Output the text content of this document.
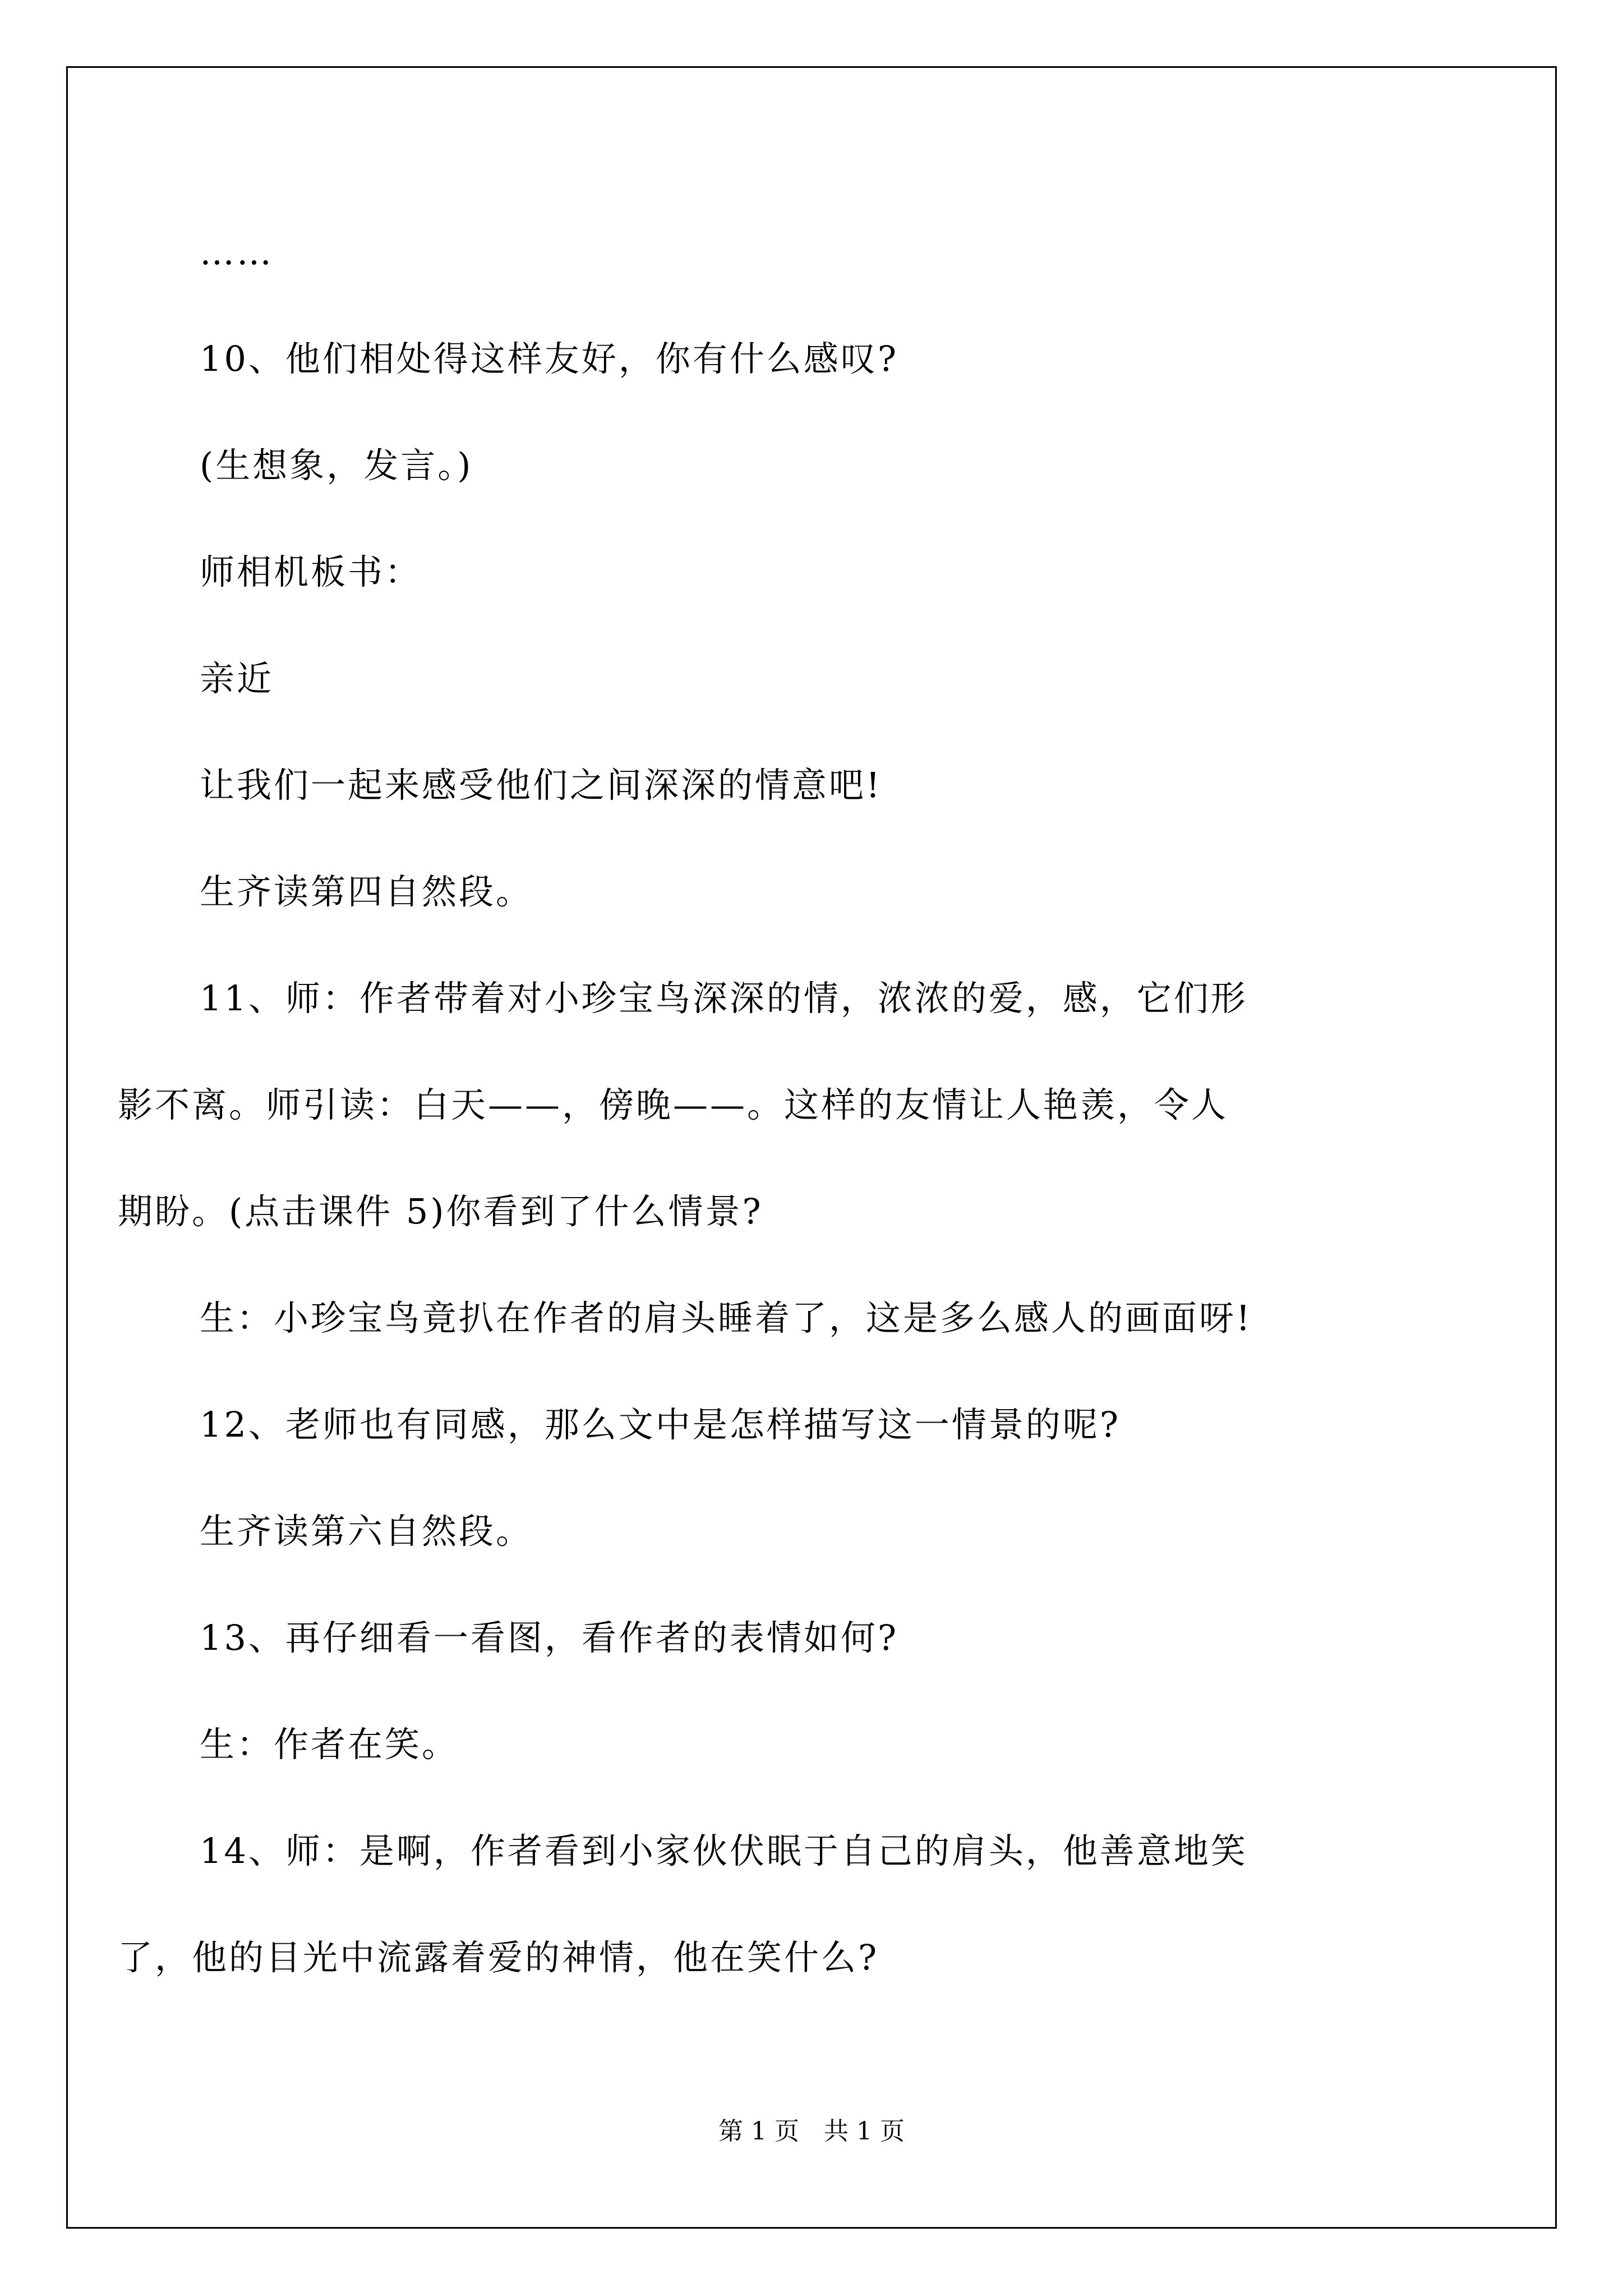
……
10、他们相处得这样友好，你有什么感叹?
(生想象，发言。)
师相机板书：
亲近
让我们一起来感受他们之间深深的情意吧!
生齐读第四自然段。
11、师：作者带着对小珍宝鸟深深的情，浓浓的爱，感，它们形
影不离。师引读：白天——，傍晚——。这样的友情让人艳羡，令人
期盼。(点击课件 5)你看到了什么情景?
生：小珍宝鸟竟扒在作者的肩头睡着了，这是多么感人的画面呀!
12、老师也有同感，那么文中是怎样描写这一情景的呢?
生齐读第六自然段。
13、再仔细看一看图，看作者的表情如何?
生：作者在笑。
14、师：是啊，作者看到小家伙伏眠于自己的肩头，他善意地笑
了，他的目光中流露着爱的神情，他在笑什么?
第 1 页　共 1 页
